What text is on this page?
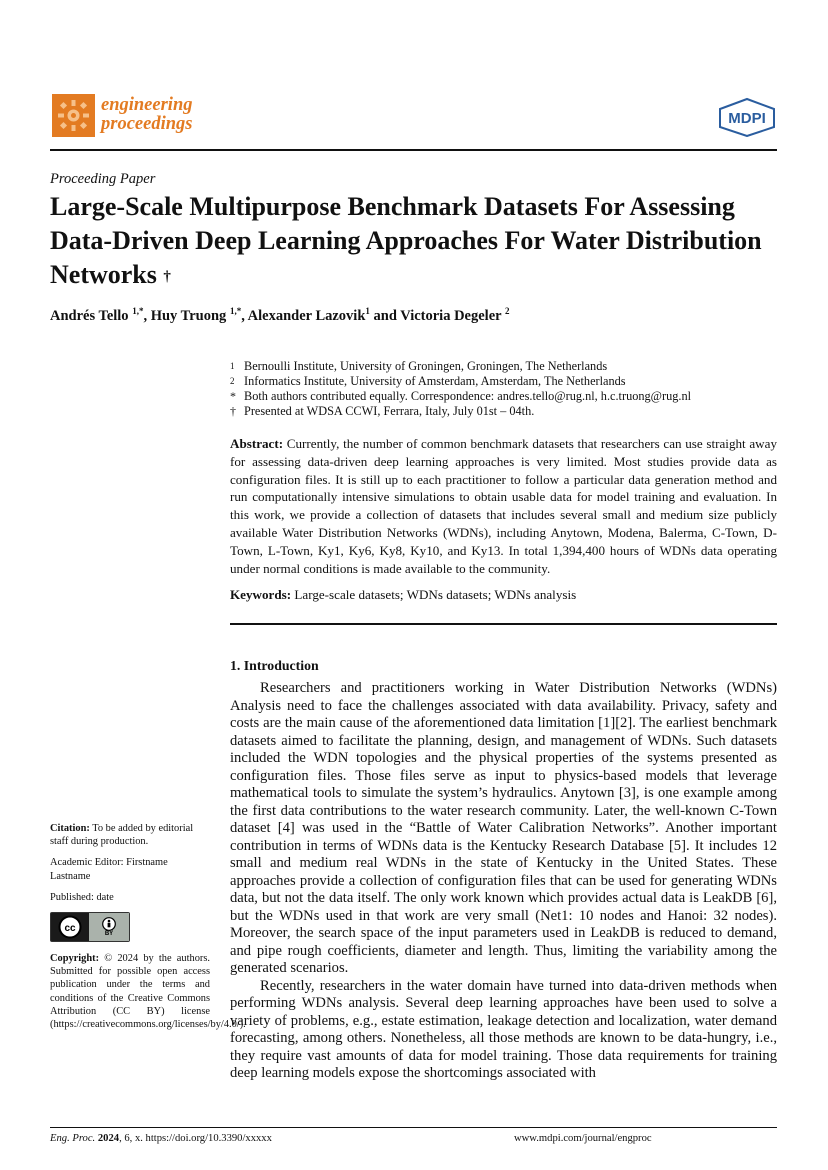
engineering
proceedings	MDPI
Proceeding Paper
Large-Scale Multipurpose Benchmark Datasets For Assessing Data-Driven Deep Learning Approaches For Water Distribution Networks †
Andrés Tello $^{1,*}$, Huy Truong $^{1,*}$, Alexander Lazovik$^1$ and Victoria Degeler $^2$
1 Bernoulli Institute, University of Groningen, Groningen, The Netherlands
2 Informatics Institute, University of Amsterdam, Amsterdam, The Netherlands
* Both authors contributed equally. Correspondence: andres.tello@rug.nl, h.c.truong@rug.nl
† Presented at WDSA CCWI, Ferrara, Italy, July 01st – 04th.
Abstract: Currently, the number of common benchmark datasets that researchers can use straight away for assessing data-driven deep learning approaches is very limited. Most studies provide data as configuration files. It is still up to each practitioner to follow a particular data generation method and run computationally intensive simulations to obtain usable data for model training and evaluation. In this work, we provide a collection of datasets that includes several small and medium size publicly available Water Distribution Networks (WDNs), including Anytown, Modena, Balerma, C-Town, D-Town, L-Town, Ky1, Ky6, Ky8, Ky10, and Ky13. In total 1,394,400 hours of WDNs data operating under normal conditions is made available to the community.
Keywords: Large-scale datasets; WDNs datasets; WDNs analysis
1. Introduction

Researchers and practitioners working in Water Distribution Networks (WDNs) Analysis need to face the challenges associated with data availability. Privacy, safety and costs are the main cause of the aforementioned data limitation [1][2]. The earliest benchmark datasets aimed to facilitate the planning, design, and management of WDNs. Such datasets included the WDN topologies and the physical properties of the systems presented as configuration files. Those files serve as input to physics-based models that leverage mathematical tools to simulate the system’s hydraulics. Anytown [3], is one example among the first data contributions to the water research community. Later, the well-known C-Town dataset [4] was used in the “Battle of Water Calibration Networks”. Another important contribution in terms of WDNs data is the Kentucky Research Database [5]. It includes 12 small and medium real WDNs in the state of Kentucky in the United States. These approaches provide a collection of configuration files that can be used for generating WDNs data, but not the data itself. The only work known which provides actual data is LeakDB [6], but the WDNs used in that work are very small (Net1: 10 nodes and Hanoi: 32 nodes). Moreover, the search space of the input parameters used in LeakDB is reduced to demand, and pipe rough coefficients, diameter and length. Thus, limiting the variability among the generated scenarios.

Recently, researchers in the water domain have turned into data-driven methods when performing WDNs analysis. Several deep learning approaches have been used to solve a variety of problems, e.g., estate estimation, leakage detection and localization, water demand forecasting, among others. Nonetheless, all those methods are known to be data-hungry, i.e., they require vast amounts of data for model training. Those data requirements for training deep learning models expose the shortcomings associated with

Citation: To be added by editorial staff during production.

Academic Editor: Firstname Lastname

Published: date

cc	BY

Copyright: © 2024 by the authors. Submitted for possible open access publication under the terms and conditions of the Creative Commons Attribution (CC BY) license (https://creativecommons.org/licenses/by/4.0/).

Eng. Proc. 2024, 6, x. https://doi.org/10.3390/xxxxx	www.mdpi.com/journal/engproc
